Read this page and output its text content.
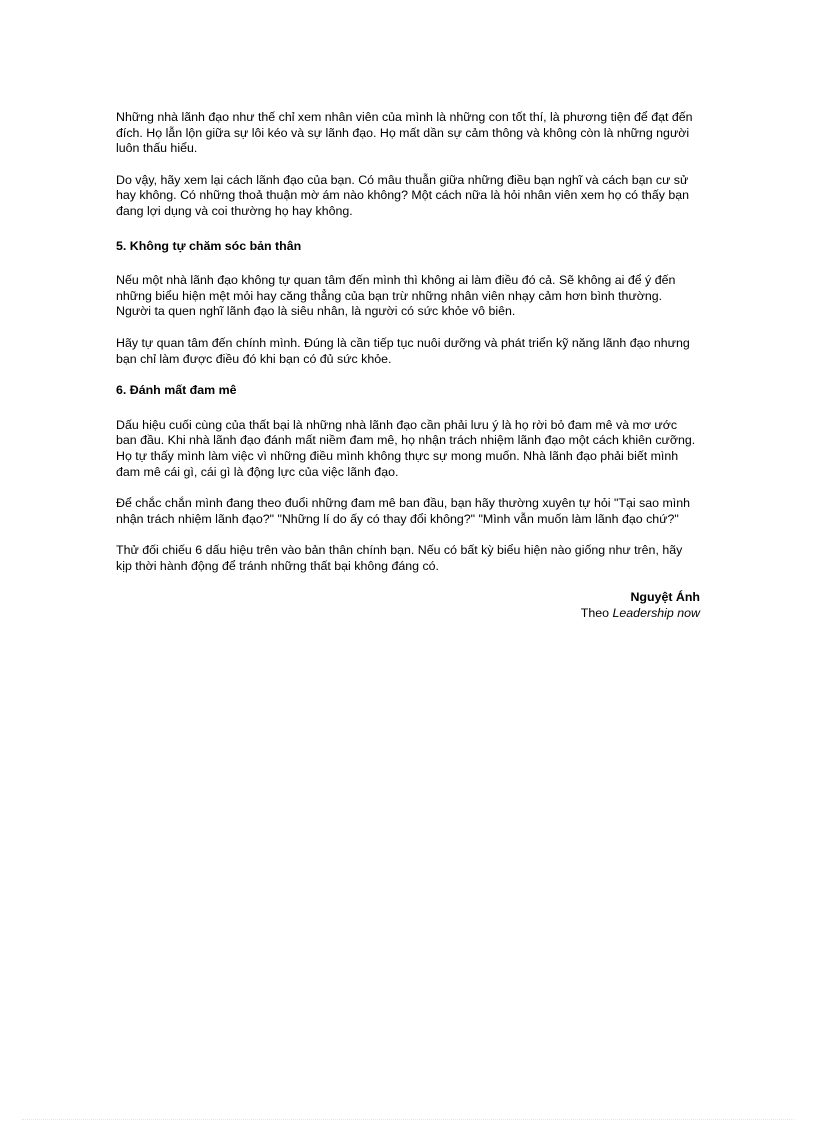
Những nhà lãnh đạo như thế chỉ xem nhân viên của mình là những con tốt thí, là phương tiện để đạt đến đích. Họ lẫn lộn giữa sự lôi kéo và sự lãnh đạo. Họ mất dần sự cảm thông và không còn là những người luôn thấu hiểu.

Do vậy, hãy xem lại cách lãnh đạo của bạn. Có mâu thuẫn giữa những điều bạn nghĩ và cách bạn cư sử hay không. Có những thoả thuận mờ ám nào không? Một cách nữa là hỏi nhân viên xem họ có thấy bạn đang lợi dụng và coi thường họ hay không.

5. Không tự chăm sóc bản thân

Nếu một nhà lãnh đạo không tự quan tâm đến mình thì không ai làm điều đó cả. Sẽ không ai để ý đến những biểu hiện mệt mỏi hay căng thẳng của bạn trừ những nhân viên nhạy cảm hơn bình thường. Người ta quen nghĩ lãnh đạo là siêu nhân, là người có sức khỏe vô biên.

Hãy tự quan tâm đến chính mình. Đúng là cần tiếp tục nuôi dưỡng và phát triển kỹ năng lãnh đạo nhưng bạn chỉ làm được điều đó khi bạn có đủ sức khỏe.

6. Đánh mất đam mê

Dấu hiệu cuối cùng của thất bại là những nhà lãnh đạo cần phải lưu ý là họ rời bỏ đam mê và mơ ước ban đầu. Khi nhà lãnh đạo đánh mất niềm đam mê, họ nhận trách nhiệm lãnh đạo một cách khiên cưỡng. Họ tự thấy mình làm việc vì những điều mình không thực sự mong muốn. Nhà lãnh đạo phải biết mình đam mê cái gì, cái gì là động lực của việc lãnh đạo.

Để chắc chắn mình đang theo đuổi những đam mê ban đầu, bạn hãy thường xuyên tự hỏi "Tại sao mình nhận trách nhiệm lãnh đạo?" "Những lí do ấy có thay đổi không?" "Mình vẫn muốn làm lãnh đạo chứ?"

Thử đối chiếu 6 dấu hiệu trên vào bản thân chính bạn. Nếu có bất kỳ biểu hiện nào giống như trên, hãy kịp thời hành động để tránh những thất bại không đáng có.

Nguyệt Ánh

Theo Leadership now
